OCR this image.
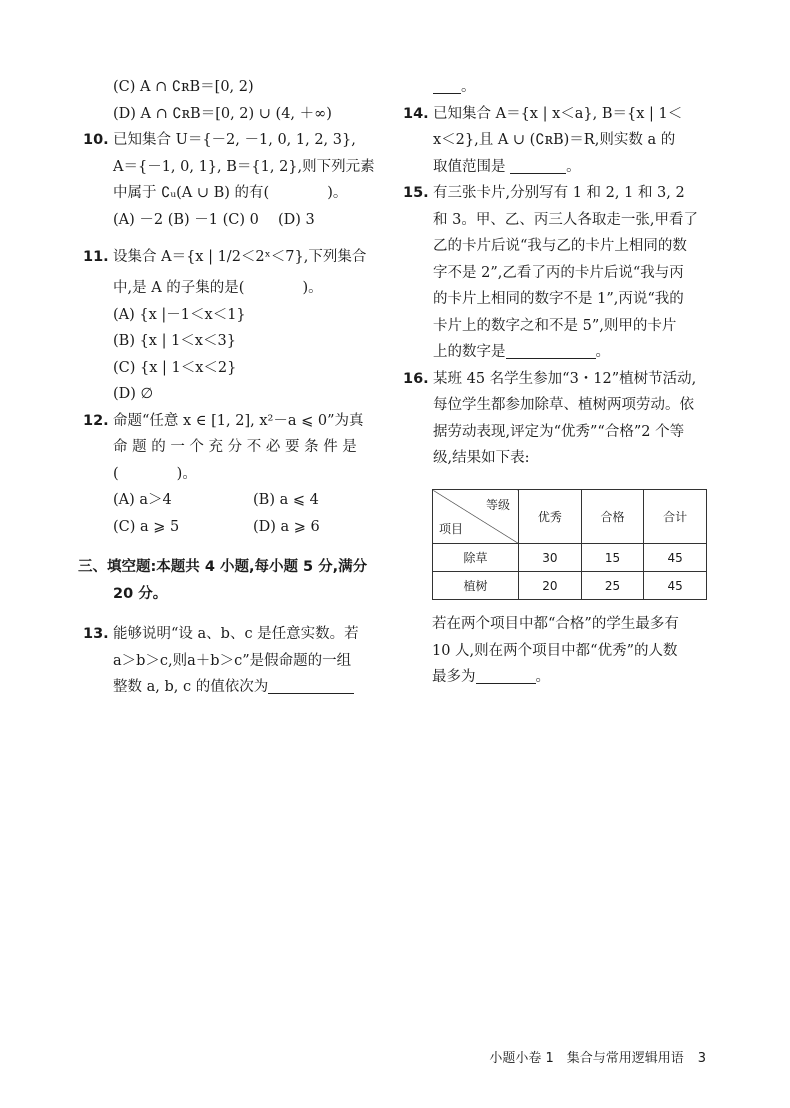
(C) A ∩ ∁ʀB＝[0, 2)
(D) A ∩ ∁ʀB＝[0, 2) ∪ (4, ＋∞)
10. 已知集合 U＝{－2, －1, 0, 1, 2, 3},
A＝{－1, 0, 1}, B＝{1, 2},则下列元素
中属于 ∁ᵤ(A ∪ B) 的有(　　　　)。
(A) －2 (B) －1 (C) 0 　(D) 3
11. 设集合 A＝{x | 1/2＜2ˣ＜7},下列集合
中,是 A 的子集的是(　　　　)。
(A) {x |－1＜x＜1}
(B) {x | 1＜x＜3}
(C) {x | 1＜x＜2}
(D) ∅
12. 命题“任意 x ∈ [1, 2], x²－a ⩽ 0”为真
命 题 的 一 个 充 分 不 必 要 条 件 是
(　　　　)。
(A) a＞4	(B) a ⩽ 4
(C) a ⩾ 5	(D) a ⩾ 6
三、填空题:本题共 4 小题,每小题 5 分,满分
20 分。
13. 能够说明“设 a、b、c 是任意实数。若
a＞b＞c,则a＋b＞c”是假命题的一组
整数 a, b, c 的值依次为
。
14. 已知集合 A＝{x | x＜a}, B＝{x | 1＜
x＜2},且 A ∪ (∁ʀB)＝R,则实数 a 的
取值范围是	。
15. 有三张卡片,分别写有 1 和 2, 1 和 3, 2
和 3。甲、乙、丙三人各取走一张,甲看了
乙的卡片后说“我与乙的卡片上相同的数
字不是 2”,乙看了丙的卡片后说“我与丙
的卡片上相同的数字不是 1”,丙说“我的
卡片上的数字之和不是 5”,则甲的卡片
上的数字是	。
16. 某班 45 名学生参加“3・12”植树节活动,
每位学生都参加除草、植树两项劳动。依
据劳动表现,评定为“优秀”“合格”2 个等
级,结果如下表:
等级
项目	优秀	合格	合计
除草	30	15	45
植树	20	25	45
若在两个项目中都“合格”的学生最多有
10 人,则在两个项目中都“优秀”的人数
最多为	。
小题小卷 1　集合与常用逻辑用语 3
